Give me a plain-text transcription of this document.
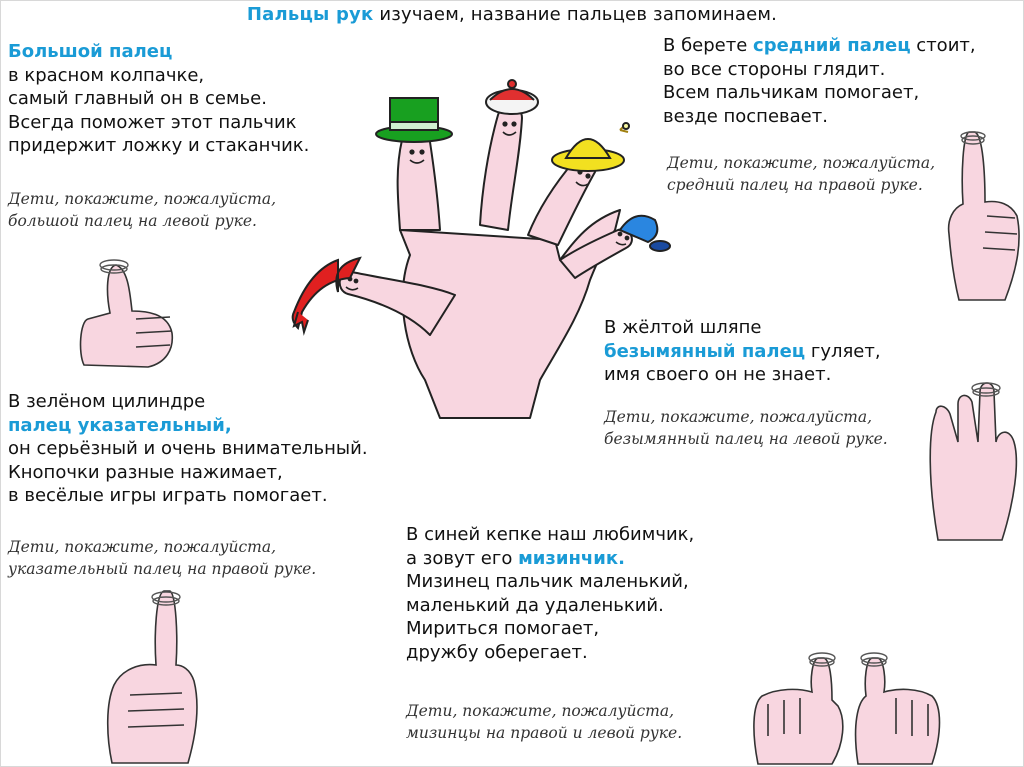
Пальцы рук изучаем, название пальцев запоминаем.
Большой палец
в красном колпачке,
самый главный он в семье.
Всегда поможет этот пальчик
придержит ложку и стаканчик.
Дети, покажите, пожалуйста,
большой палец на левой руке.
В берете средний палец стоит,
во все стороны глядит.
Всем пальчикам помогает,
везде поспевает.
Дети, покажите, пожалуйста,
средний палец на правой руке.
В жёлтой шляпе
безымянный палец гуляет,
имя своего он не знает.
Дети, покажите, пожалуйста,
безымянный палец на левой руке.
В зелёном цилиндре
палец указательный,
он серьёзный и очень внимательный.
Кнопочки разные нажимает,
в весёлые игры играть помогает.
Дети, покажите, пожалуйста,
указательный палец на правой руке.
В синей кепке наш любимчик,
а зовут его мизинчик.
Мизинец пальчик маленький,
маленький да удаленький.
Мириться помогает,
дружбу оберегает.
Дети, покажите, пожалуйста,
мизинцы на правой и левой руке.
